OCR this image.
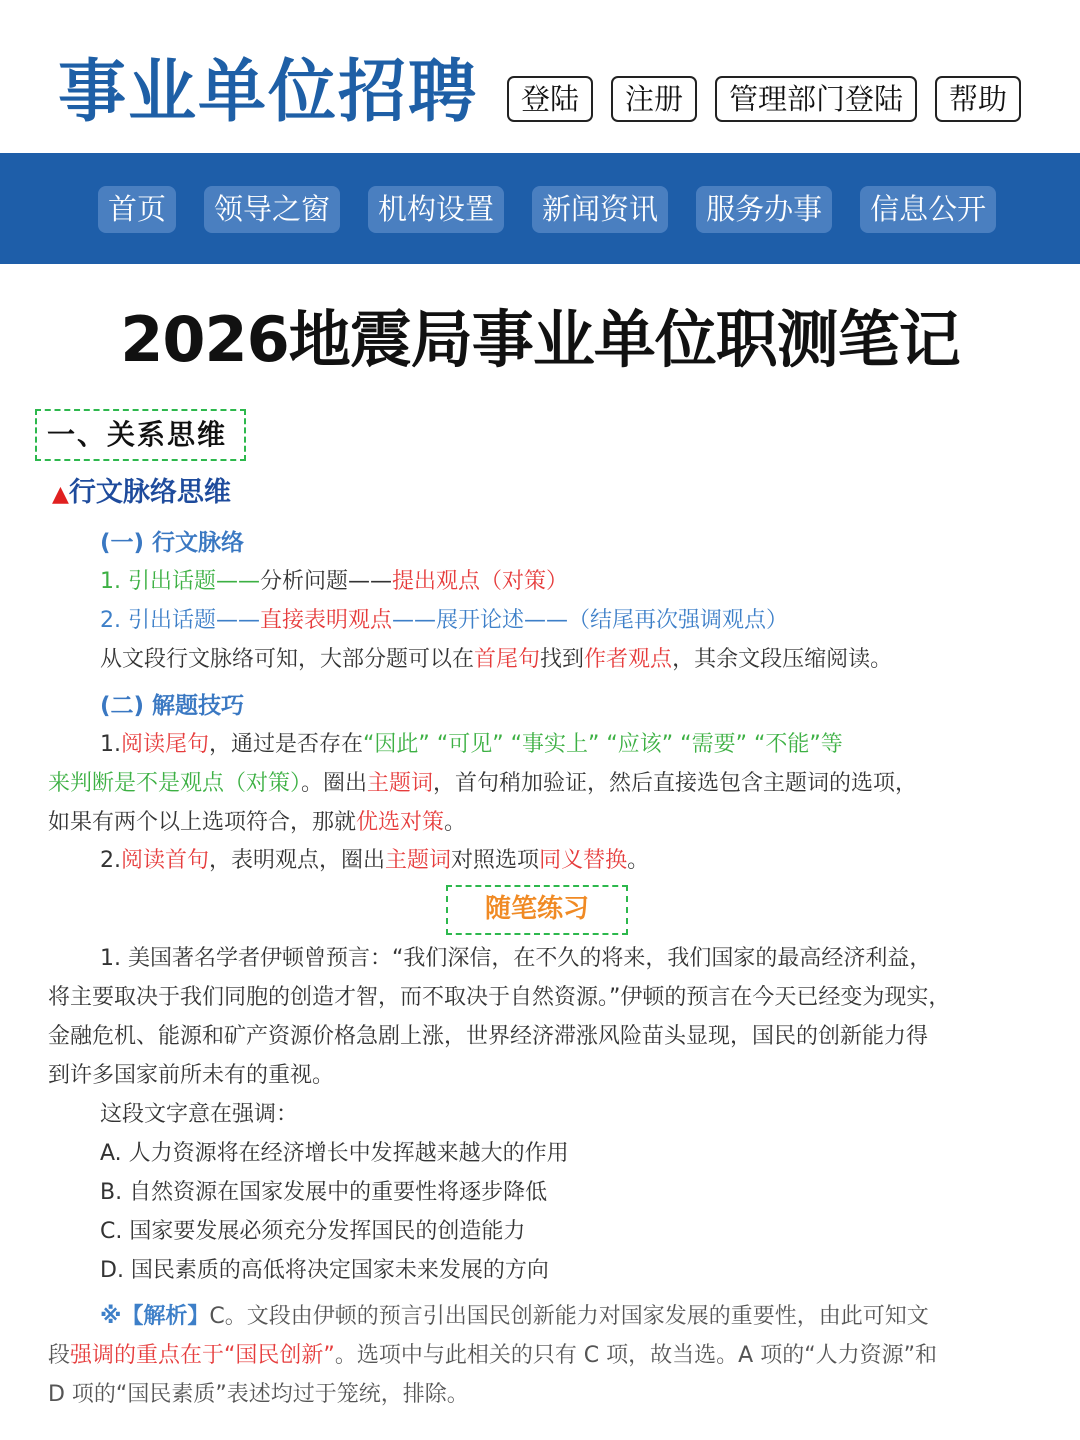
事业单位招聘	登陆	注册	管理部门登陆	帮助
首页	领导之窗	机构设置	新闻资讯	服务办事	信息公开
2026地震局事业单位职测笔记
一、关系思维
▲行文脉络思维
(一) 行文脉络
1. 引出话题——分析问题——提出观点（对策）
2. 引出话题——直接表明观点——展开论述——（结尾再次强调观点）
从文段行文脉络可知，大部分题可以在首尾句找到作者观点，其余文段压缩阅读。
(二) 解题技巧
1.阅读尾句，通过是否存在“因此” “可见” “事实上” “应该” “需要” “不能”等
来判断是不是观点（对策）。圈出主题词，首句稍加验证，然后直接选包含主题词的选项，
如果有两个以上选项符合，那就优选对策。
2.阅读首句，表明观点，圈出主题词对照选项同义替换。
随笔练习
1. 美国著名学者伊顿曾预言：“我们深信，在不久的将来，我们国家的最高经济利益，
将主要取决于我们同胞的创造才智，而不取决于自然资源。”伊顿的预言在今天已经变为现实，
金融危机、能源和矿产资源价格急剧上涨，世界经济滞涨风险苗头显现，国民的创新能力得
到许多国家前所未有的重视。
这段文字意在强调：
A. 人力资源将在经济增长中发挥越来越大的作用
B. 自然资源在国家发展中的重要性将逐步降低
C. 国家要发展必须充分发挥国民的创造能力
D. 国民素质的高低将决定国家未来发展的方向
※【解析】C。文段由伊顿的预言引出国民创新能力对国家发展的重要性，由此可知文
段强调的重点在于“国民创新”。选项中与此相关的只有 C 项，故当选。A 项的“人力资源”和
D 项的“国民素质”表述均过于笼统，排除。
